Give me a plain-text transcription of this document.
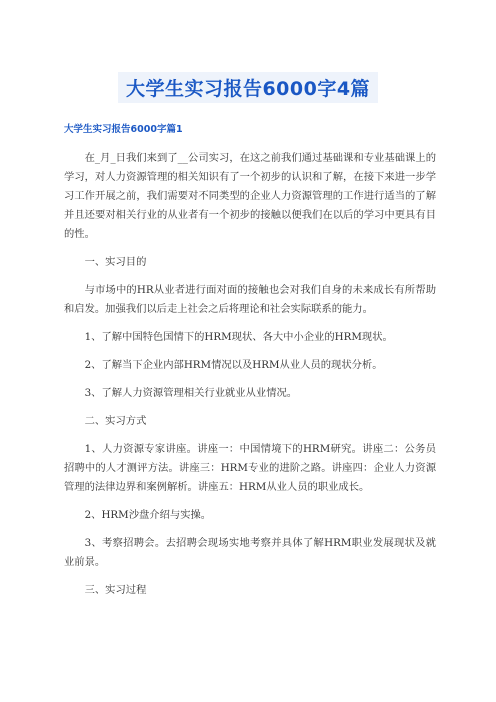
大学生实习报告6000字4篇
大学生实习报告6000字篇1

在_月_日我们来到了__公司实习，在这之前我们通过基础课和专业基础课上的学习，对人力资源管理的相关知识有了一个初步的认识和了解，在接下来进一步学习工作开展之前，我们需要对不同类型的企业人力资源管理的工作进行适当的了解并且还要对相关行业的从业者有一个初步的接触以便我们在以后的学习中更具有目的性。

一、实习目的

与市场中的HR从业者进行面对面的接触也会对我们自身的未来成长有所帮助和启发。加强我们以后走上社会之后将理论和社会实际联系的能力。

1、了解中国特色国情下的HRM现状、各大中小企业的HRM现状。

2、了解当下企业内部HRM情况以及HRM从业人员的现状分析。

3、了解人力资源管理相关行业就业从业情况。

二、实习方式

1、人力资源专家讲座。讲座一：中国情境下的HRM研究。讲座二：公务员招聘中的人才测评方法。讲座三：HRM专业的进阶之路。讲座四：企业人力资源管理的法律边界和案例解析。讲座五：HRM从业人员的职业成长。

2、HRM沙盘介绍与实操。

3、考察招聘会。去招聘会现场实地考察并具体了解HRM职业发展现状及就业前景。

三、实习过程
